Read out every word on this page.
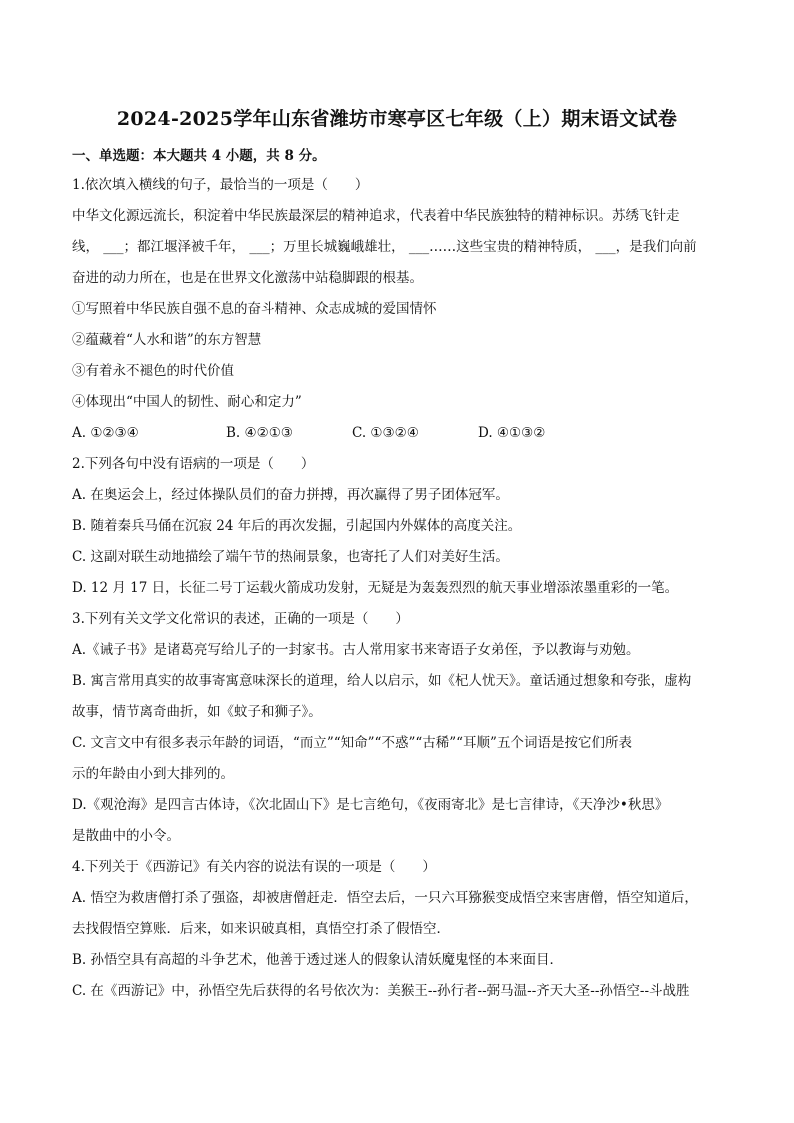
2024-2025学年山东省潍坊市寒亭区七年级（上）期末语文试卷
一、单选题：本大题共 4 小题，共 8 分。
1.依次填入横线的句子，最恰当的一项是（　　）
中华文化源远流长，积淀着中华民族最深层的精神追求，代表着中华民族独特的精神标识。苏绣飞针走
线， ___；都江堰泽被千年， ___；万里长城巍峨雄壮， ___……这些宝贵的精神特质， ___，是我们向前
奋进的动力所在，也是在世界文化激荡中站稳脚跟的根基。
①写照着中华民族自强不息的奋斗精神、众志成城的爱国情怀
②蕴藏着“人水和谐”的东方智慧
③有着永不褪色的时代价值
④体现出“中国人的韧性、耐心和定力”
A. ①②③④	B. ④②①③	C. ①③②④	D. ④①③②
2.下列各句中没有语病的一项是（　　）
A. 在奥运会上，经过体操队员们的奋力拼搏，再次赢得了男子团体冠军。
B. 随着秦兵马俑在沉寂 24 年后的再次发掘，引起国内外媒体的高度关注。
C. 这副对联生动地描绘了端午节的热闹景象，也寄托了人们对美好生活。
D. 12 月 17 日，长征二号丁运载火箭成功发射，无疑是为轰轰烈烈的航天事业增添浓墨重彩的一笔。
3.下列有关文学文化常识的表述，正确的一项是（　　）
A.《诫子书》是诸葛亮写给儿子的一封家书。古人常用家书来寄语子女弟侄，予以教诲与劝勉。
B. 寓言常用真实的故事寄寓意味深长的道理，给人以启示，如《杞人忧天》。童话通过想象和夸张，虚构
故事，情节离奇曲折，如《蚊子和狮子》。
C. 文言文中有很多表示年龄的词语，“而立”“知命”“不惑”“古稀”“耳顺”五个词语是按它们所表
示的年龄由小到大排列的。
D.《观沧海》是四言古体诗，《次北固山下》是七言绝句，《夜雨寄北》是七言律诗，《天净沙•秋思》
是散曲中的小令。
4.下列关于《西游记》有关内容的说法有误的一项是（　　）
A. 悟空为救唐僧打杀了强盗，却被唐僧赶走．悟空去后，一只六耳猕猴变成悟空来害唐僧，悟空知道后，
去找假悟空算账．后来，如来识破真相，真悟空打杀了假悟空．
B. 孙悟空具有高超的斗争艺术，他善于透过迷人的假象认清妖魔鬼怪的本来面目．
C. 在《西游记》中，孙悟空先后获得的名号依次为：美猴王--孙行者--弼马温--齐天大圣--孙悟空--斗战胜
